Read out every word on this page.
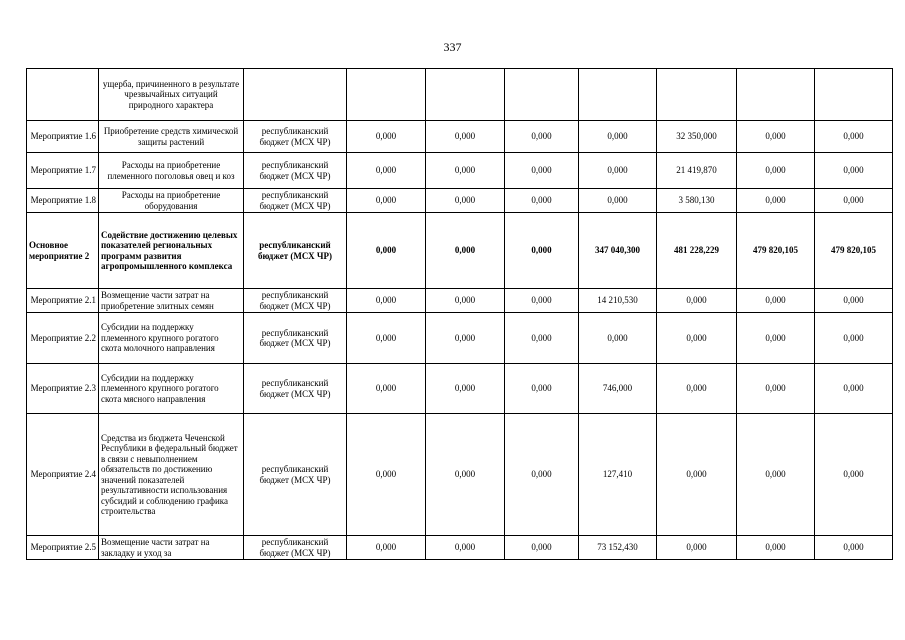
337
	ущерба, причиненного в результате чрезвычайных ситуаций природного характера								
Мероприятие 1.6	Приобретение средств химической защиты растений	республиканский бюджет (МСХ ЧР)	0,000	0,000	0,000	0,000	32 350,000	0,000	0,000
Мероприятие 1.7	Расходы на приобретение племенного поголовья овец и коз	республиканский бюджет (МСХ ЧР)	0,000	0,000	0,000	0,000	21 419,870	0,000	0,000
Мероприятие 1.8	Расходы на приобретение оборудования	республиканский бюджет (МСХ ЧР)	0,000	0,000	0,000	0,000	3 580,130	0,000	0,000
Основное мероприятие 2	Содействие достижению целевых показателей региональных программ развития агропромышленного комплекса	республиканский бюджет (МСХ ЧР)	0,000	0,000	0,000	347 040,300	481 228,229	479 820,105	479 820,105
Мероприятие 2.1	Возмещение части затрат на приобретение элитных семян	республиканский бюджет (МСХ ЧР)	0,000	0,000	0,000	14 210,530	0,000	0,000	0,000
Мероприятие 2.2	Субсидии на поддержку племенного крупного рогатого скота молочного направления	республиканский бюджет (МСХ ЧР)	0,000	0,000	0,000	0,000	0,000	0,000	0,000
Мероприятие 2.3	Субсидии на поддержку племенного крупного рогатого скота мясного направления	республиканский бюджет (МСХ ЧР)	0,000	0,000	0,000	746,000	0,000	0,000	0,000
Мероприятие 2.4	Средства из бюджета Чеченской Республики в федеральный бюджет в связи с невыполнением обязательств по достижению значений показателей результативности использования субсидий и соблюдению графика строительства	республиканский бюджет (МСХ ЧР)	0,000	0,000	0,000	127,410	0,000	0,000	0,000
Мероприятие 2.5	Возмещение части затрат на закладку и уход за	республиканский бюджет (МСХ ЧР)	0,000	0,000	0,000	73 152,430	0,000	0,000	0,000
